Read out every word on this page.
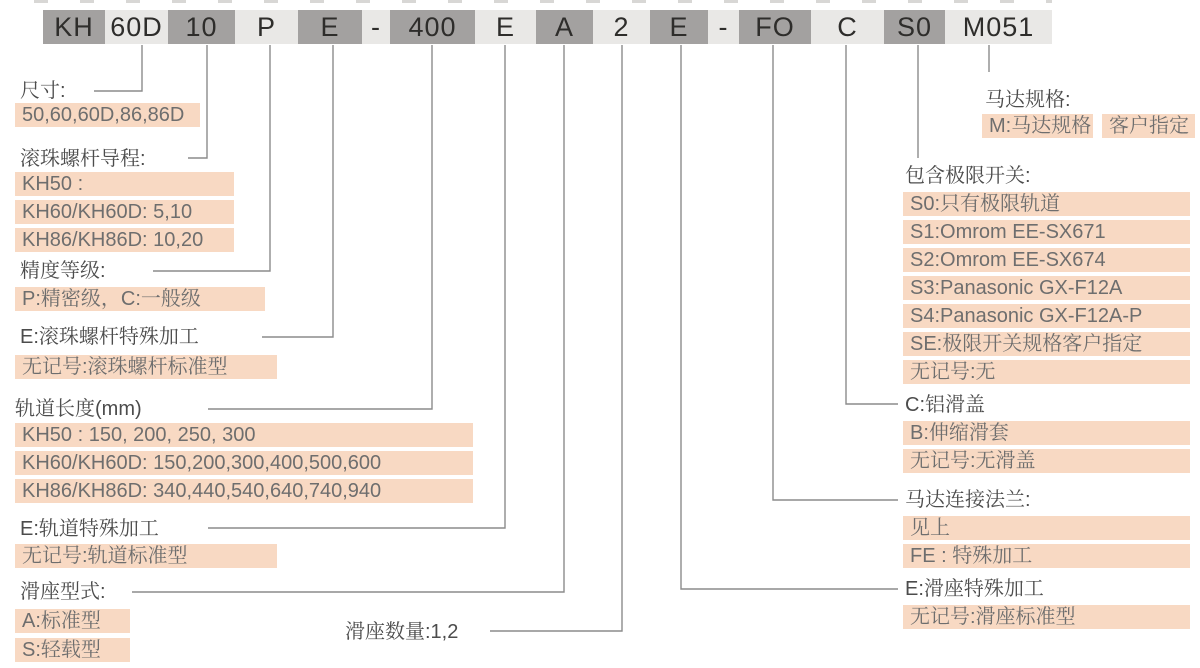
KH 60D 10	P	E	-	400	E	A	2	E	- FO	C	S0	M051
尺寸:
50,60,60D,86,86D
滚珠螺杆导程:
KH50 :
KH60/KH60D: 5,10
KH86/KH86D: 10,20
精度等级:
P:精密级，C:一般级
E:滚珠螺杆特殊加工
无记号:滚珠螺杆标准型
轨道长度(mm)
KH50 : 150, 200, 250, 300
KH60/KH60D: 150,200,300,400,500,600
KH86/KH86D: 340,440,540,640,740,940
E:轨道特殊加工
无记号:轨道标准型
滑座型式:
A:标准型
S:轻载型
滑座数量:1,2
马达规格:
M:马达规格 客户指定
包含极限开关:
S0:只有极限轨道
S1:Omrom EE-SX671
S2:Omrom EE-SX674
S3:Panasonic GX-F12A
S4:Panasonic GX-F12A-P
SE:极限开关规格客户指定
无记号:无
C:铝滑盖
B:伸缩滑套
无记号:无滑盖
马达连接法兰:
见上
FE : 特殊加工
E:滑座特殊加工
无记号:滑座标准型
